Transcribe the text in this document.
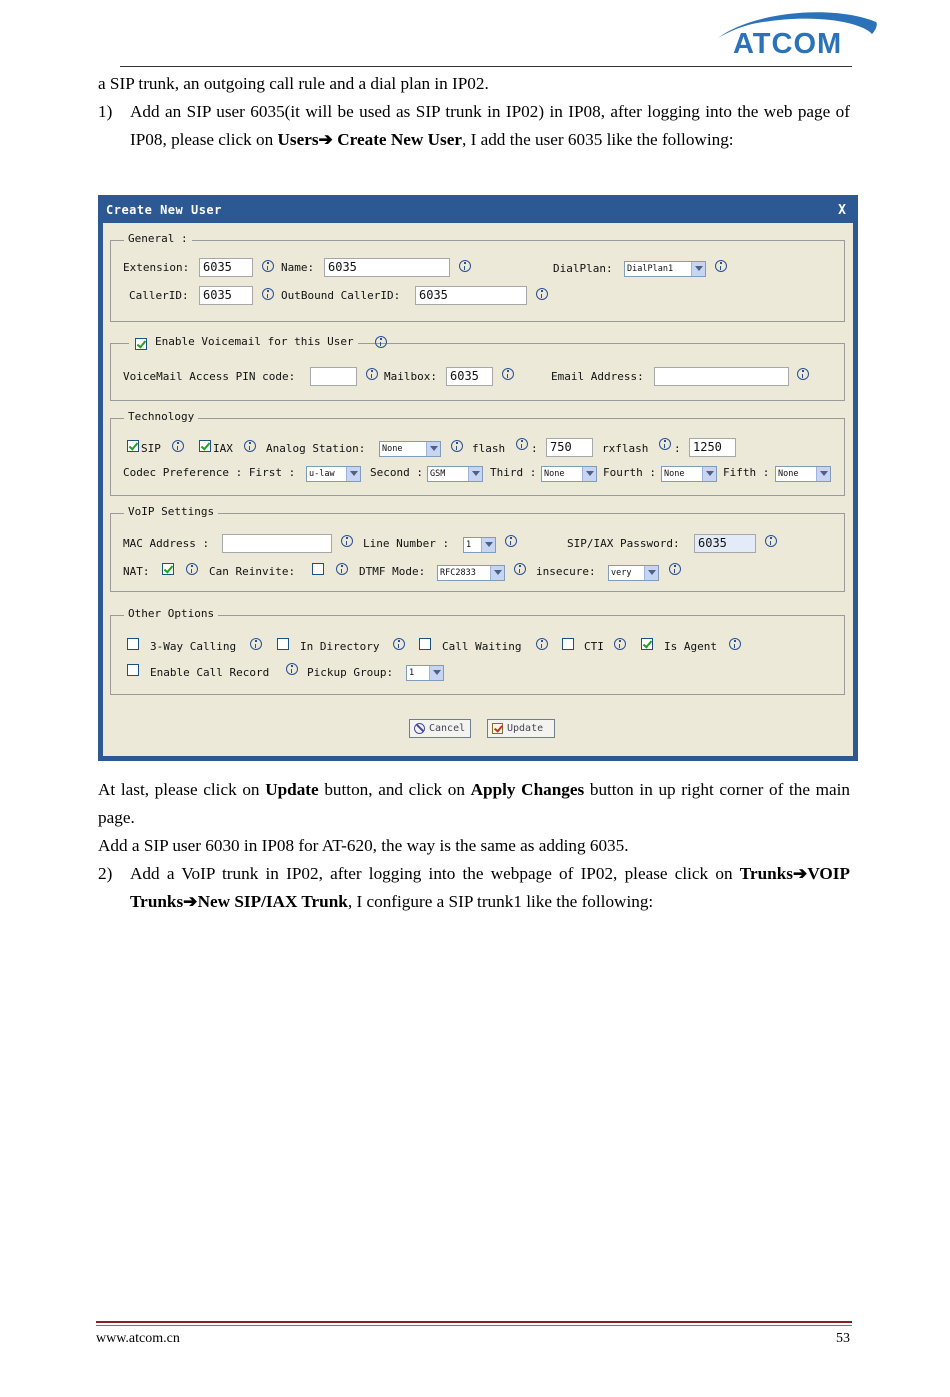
ATCOM
a SIP trunk, an outgoing call rule and a dial plan in IP02.
1) Add an SIP user 6035(it will be used as SIP trunk in IP02) in IP08, after logging into the web page of IP08, please click on Users➔ Create New User, I add the user 6035 like the following:
Create New User	X
General :
Extension:	6035	Name:	6035	DialPlan:	DialPlan1
CallerID:	6035	OutBound CallerID:	6035
Enable Voicemail for this User
VoiceMail Access PIN code:	Mailbox:	6035	Email Address:
Technology
SIP	IAX	Analog Station:	None	flash :	750	rxflash :	1250
Codec Preference : First :	u-law	Second : GSM	Third : None	Fourth : None	Fifth :	None
VoIP Settings
MAC Address :	Line Number :	1	SIP/IAX Password:	6035
NAT:	Can Reinvite:	DTMF Mode:	RFC2833	insecure:	very
Other Options
3-Way Calling	In Directory	Call Waiting	CTI	Is Agent
Enable Call Record	Pickup Group:	1
Cancel	Update
At last, please click on Update button, and click on Apply Changes button in up right corner of the main page.
Add a SIP user 6030 in IP08 for AT-620, the way is the same as adding 6035.
2) Add a VoIP trunk in IP02, after logging into the webpage of IP02, please click on Trunks➔VOIP Trunks➔New SIP/IAX Trunk, I configure a SIP trunk1 like the following:
www.atcom.cn	53
